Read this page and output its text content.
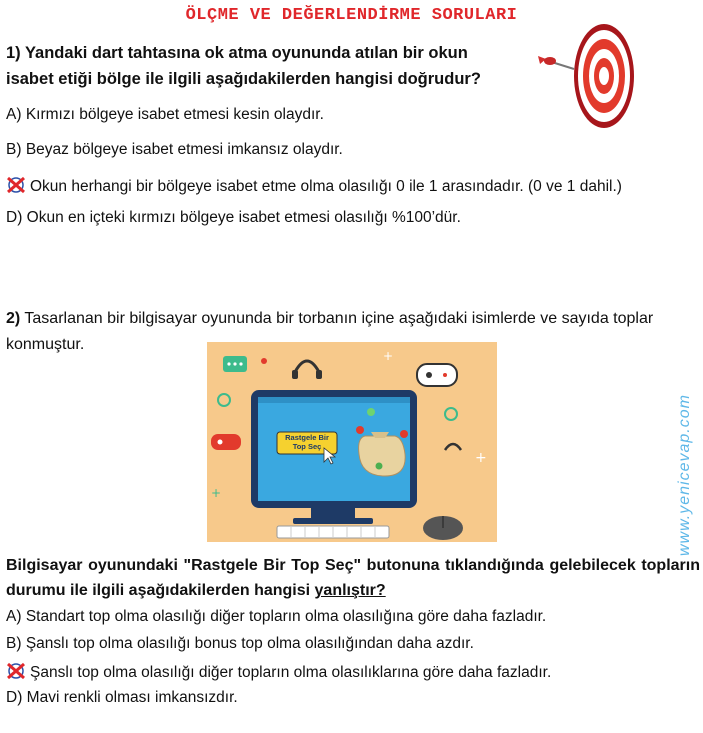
ÖLÇME VE DEĞERLENDİRME SORULARI
1) Yandaki dart tahtasına ok atma oyununda atılan bir okun isabet etiği bölge ile ilgili aşağıdakilerden hangisi doğrudur?
A) Kırmızı bölgeye isabet etmesi kesin olaydır.
B) Beyaz bölgeye isabet etmesi imkansız olaydır.
Okun herhangi bir bölgeye isabet etme olma olasılığı 0 ile 1 arasındadır. (0 ve 1 dahil.)
D) Okun en içteki kırmızı bölgeye isabet etmesi olasılığı %100’dür.
2) Tasarlanan bir bilgisayar oyununda bir torbanın içine aşağıdaki isimlerde ve sayıda toplar konmuştur.
+
+
+
Rastgele Bir
Top Seç	www.yenicevap.com
Bilgisayar oyunundaki "Rastgele Bir Top Seç" butonuna tıklandığında gelebilecek topların durumu ile ilgili aşağıdakilerden hangisi yanlıştır?
A) Standart top olma olasılığı diğer topların olma olasılığına göre daha fazladır.
B) Şanslı top olma olasılığı bonus top olma olasılığından daha azdır.
Şanslı top olma olasılığı diğer topların olma olasılıklarına göre daha fazladır.
D) Mavi renkli olması imkansızdır.
